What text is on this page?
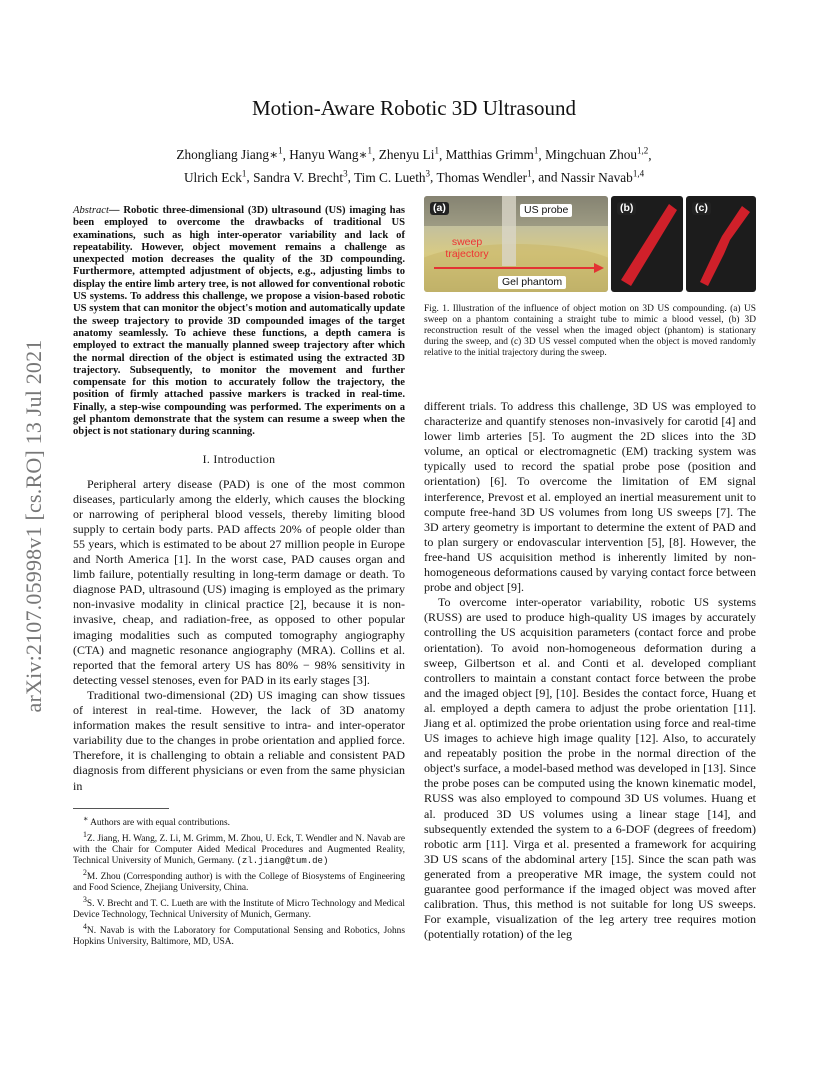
arXiv:2107.05998v1 [cs.RO] 13 Jul 2021
Motion-Aware Robotic 3D Ultrasound
Zhongliang Jiang∗$^1$, Hanyu Wang∗$^1$, Zhenyu Li$^1$, Matthias Grimm$^1$, Mingchuan Zhou$^{1,2}$,
Ulrich Eck$^1$, Sandra V. Brecht$^3$, Tim C. Lueth$^3$, Thomas Wendler$^1$, and Nassir Navab$^{1,4}$

Abstract— Robotic three-dimensional (3D) ultrasound (US) imaging has been employed to overcome the drawbacks of traditional US examinations, such as high inter-operator variability and lack of repeatability. However, object movement remains a challenge as unexpected motion decreases the quality of the 3D compounding. Furthermore, attempted adjustment of objects, e.g., adjusting limbs to display the entire limb artery tree, is not allowed for conventional robotic US systems. To address this challenge, we propose a vision-based robotic US system that can monitor the object's motion and automatically update the sweep trajectory to provide 3D compounded images of the target anatomy seamlessly. To achieve these functions, a depth camera is employed to extract the manually planned sweep trajectory after which the normal direction of the object is estimated using the extracted 3D trajectory. Subsequently, to monitor the movement and further compensate for this motion to accurately follow the trajectory, the position of firmly attached passive markers is tracked in real-time. Finally, a step-wise compounding was performed. The experiments on a gel phantom demonstrate that the system can resume a sweep when the object is not stationary during scanning.

I. Introduction

Peripheral artery disease (PAD) is one of the most common diseases, particularly among the elderly, which causes the blocking or narrowing of peripheral blood vessels, thereby limiting blood supply to certain body parts. PAD affects 20% of people older than 55 years, which is estimated to be about 27 million people in Europe and North America [1]. In the worst case, PAD causes organ and limb failure, potentially resulting in long-term damage or death. To diagnose PAD, ultrasound (US) imaging is employed as the primary non-invasive modality in clinical practice [2], because it is non-invasive, cheap, and radiation-free, as opposed to other popular imaging modalities such as computed tomography angiography (CTA) and magnetic resonance angiography (MRA). Collins et al. reported that the femoral artery US has 80% − 98% sensitivity in detecting vessel stenoses, even for PAD in its early stages [3].

Traditional two-dimensional (2D) US imaging can show tissues of interest in real-time. However, the lack of 3D anatomy information makes the result sensitive to intra- and inter-operator variability due to the changes in probe orientation and applied force. Therefore, it is challenging to obtain a reliable and consistent PAD diagnosis from different physicians or even from the same physician in

∗ Authors are with equal contributions.

$^1$Z. Jiang, H. Wang, Z. Li, M. Grimm, M. Zhou, U. Eck, T. Wendler and N. Navab are with the Chair for Computer Aided Medical Procedures and Augmented Reality, Technical University of Munich, Germany. (zl.jiang@tum.de)

$^2$M. Zhou (Corresponding author) is with the College of Biosystems of Engineering and Food Science, Zhejiang University, China.

$^3$S. V. Brecht and T. C. Lueth are with the Institute of Micro Technology and Medical Device Technology, Technical University of Munich, Germany.

$^4$N. Navab is with the Laboratory for Computational Sensing and Robotics, Johns Hopkins University, Baltimore, MD, USA.

(a)	US probe
sweep trajectory
Gel phantom
(b)	(c)

Fig. 1. Illustration of the influence of object motion on 3D US compounding. (a) US sweep on a phantom containing a straight tube to mimic a blood vessel, (b) 3D reconstruction result of the vessel when the imaged object (phantom) is stationary during the sweep, and (c) 3D US vessel computed when the object is moved randomly relative to the initial trajectory during the sweep.

different trials. To address this challenge, 3D US was employed to characterize and quantify stenoses non-invasively for carotid [4] and lower limb arteries [5]. To augment the 2D slices into the 3D volume, an optical or electromagnetic (EM) tracking system was typically used to record the spatial probe pose (position and orientation) [6]. To overcome the limitation of EM signal interference, Prevost et al. employed an inertial measurement unit to compute free-hand 3D US volumes from long US sweeps [7]. The 3D artery geometry is important to determine the extent of PAD and to plan surgery or endovascular intervention [5], [8]. However, the free-hand US acquisition method is inherently limited by non-homogeneous deformations caused by varying contact force between probe and object [9].

To overcome inter-operator variability, robotic US systems (RUSS) are used to produce high-quality US images by accurately controlling the US acquisition parameters (contact force and probe orientation). To avoid non-homogeneous deformation during a sweep, Gilbertson et al. and Conti et al. developed compliant controllers to maintain a constant contact force between the probe and the imaged object [9], [10]. Besides the contact force, Huang et al. employed a depth camera to adjust the probe orientation [11]. Jiang et al. optimized the probe orientation using force and real-time US images to achieve high image quality [12]. Also, to accurately and repeatably position the probe in the normal direction of the object's surface, a model-based method was developed in [13]. Since the probe poses can be computed using the known kinematic model, RUSS was also employed to compound 3D US volumes. Huang et al. produced 3D US volumes using a linear stage [14], and subsequently extended the system to a 6-DOF (degrees of freedom) robotic arm [11]. Virga et al. presented a framework for acquiring 3D US scans of the abdominal artery [15]. Since the scan path was generated from a preoperative MR image, the system could not guarantee good performance if the imaged object was moved after calibration. Thus, this method is not suitable for long US sweeps. For example, visualization of the leg artery tree requires motion (potentially rotation) of the leg
